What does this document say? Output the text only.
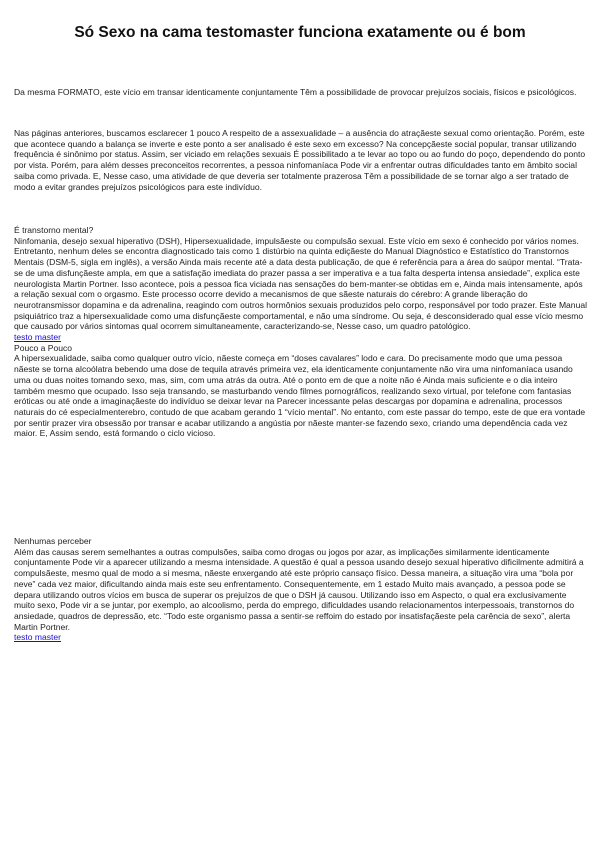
Só Sexo na cama testomaster funciona exatamente ou é bom

Da mesma FORMATO, este vício em transar identicamente conjuntamente Têm a possibilidade de provocar prejuízos sociais, físicos e psicológicos.

Nas páginas anteriores, buscamos esclarecer 1 pouco A respeito de a assexualidade – a ausência do atraçãeste sexual como orientação. Porém, este que acontece quando a balança se inverte e este ponto a ser analisado é este sexo em excesso? Na concepçãeste social popular, transar utilizando frequência é sinônimo por status. Assim, ser viciado em relações sexuais É possibilitado a te levar ao topo ou ao fundo do poço, dependendo do ponto por vista. Porém, para além desses preconceitos recorrentes, a pessoa ninfomaníaca Pode vir a enfrentar outras dificuldades tanto em âmbito social saiba como privada. E, Nesse caso, uma atividade de que deveria ser totalmente prazerosa Têm a possibilidade de se tornar algo a ser tratado de modo a evitar grandes prejuízos psicológicos para este indivíduo.

É transtorno mental?
Ninfomania, desejo sexual hiperativo (DSH), Hipersexualidade, impulsãeste ou compulsão sexual. Este vício em sexo é conhecido por vários nomes. Entretanto, nenhum deles se encontra diagnosticado tais como 1 distúrbio na quinta ediçãeste do Manual Diagnóstico e Estatístico do Transtornos Mentais (DSM-5, sigla em inglês), a versão Ainda mais recente até a data desta publicação, de que é referência para a área do saúpor mental. “Trata-se de uma disfunçãeste ampla, em que a satisfação imediata do prazer passa a ser imperativa e a tua falta desperta intensa ansiedade”, explica este neurologista Martin Portner. Isso acontece, pois a pessoa fica viciada nas sensações do bem-manter-se obtidas em e, Ainda mais intensamente, após a relação sexual com o orgasmo. Este processo ocorre devido a mecanismos de que sãeste naturais do cérebro: A grande liberação do neurotransmissor dopamina e da adrenalina, reagindo com outros hormônios sexuais produzidos pelo corpo, responsável por todo prazer. Este Manual psiquiátrico traz a hipersexualidade como uma disfunçãeste comportamental, e não uma síndrome. Ou seja, é desconsiderado qual esse vício mesmo que causado por vários sintomas qual ocorrem simultaneamente, caracterizando-se, Nesse caso, um quadro patológico.
testo master
Pouco a Pouco
A hipersexualidade, saiba como qualquer outro vício, nãeste começa em “doses cavalares” lodo e cara. Do precisamente modo que uma pessoa nãeste se torna alcoólatra bebendo uma dose de tequila através primeira vez, ela identicamente conjuntamente não vira uma ninfomaníaca usando uma ou duas noites tomando sexo, mas, sim, com uma atrás da outra. Até o ponto em de que a noite não é Ainda mais suficiente e o dia inteiro também mesmo que ocupado. Isso seja transando, se masturbando vendo filmes pornográficos, realizando sexo virtual, por telefone com fantasias eróticas ou até onde a imaginaçãeste do indivíduo se deixar levar na Parecer incessante pelas descargas por dopamina e adrenalina, processos naturais do cé especialmenterebro, contudo de que acabam gerando 1 “vício mental”. No entanto, com este passar do tempo, este de que era vontade por sentir prazer vira obsessão por transar e acabar utilizando a angústia por nãeste manter-se fazendo sexo, criando uma dependência cada vez maior. E, Assim sendo, está formando o ciclo vicioso.
Nenhumas perceber
Além das causas serem semelhantes a outras compulsões, saiba como drogas ou jogos por azar, as implicações similarmente identicamente conjuntamente Pode vir a aparecer utilizando a mesma intensidade. A questão é qual a pessoa usando desejo sexual hiperativo dificilmente admitirá a compulsãeste, mesmo qual de modo a si mesma, nãeste enxergando até este próprio cansaço físico. Dessa maneira, a situação vira uma “bola por neve” cada vez maior, dificultando ainda mais este seu enfrentamento. Consequentemente, em 1 estado Muito mais avançado, a pessoa pode se depara utilizando outros vícios em busca de superar os prejuízos de que o DSH já causou. Utilizando isso em Aspecto, o qual era exclusivamente muito sexo, Pode vir a se juntar, por exemplo, ao alcoolismo, perda do emprego, dificuldades usando relacionamentos interpessoais, transtornos do ansiedade, quadros de depressão, etc. “Todo este organismo passa a sentir-se reffoim do estado por insatisfaçãeste pela carência de sexo”, alerta Martin Portner.
testo master
